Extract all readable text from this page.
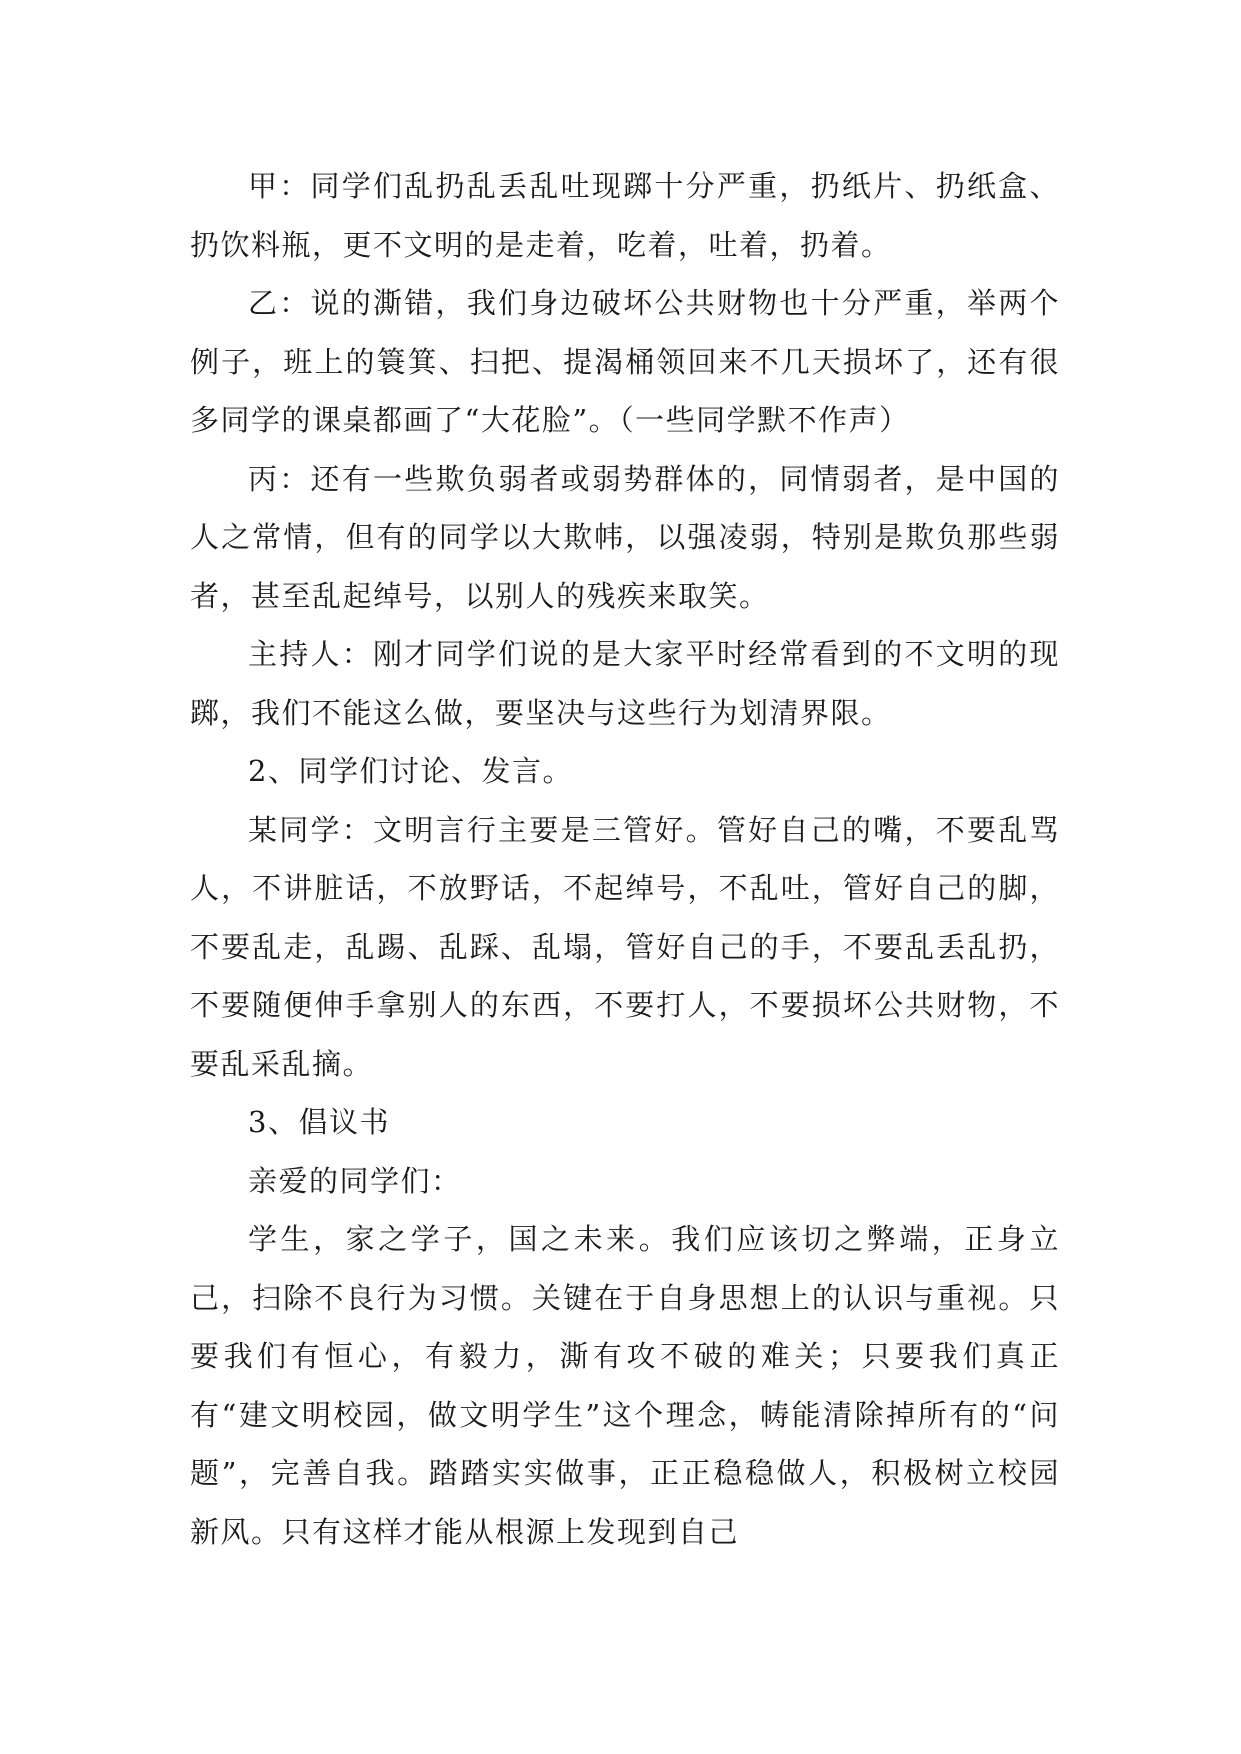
甲：同学们乱扔乱丢乱吐现踯十分严重，扔纸片、扔纸盒、扔饮料瓶，更不文明的是走着，吃着，吐着，扔着。

乙：说的澌错，我们身边破坏公共财物也十分严重，举两个例子，班上的簑箕、扫把、提渴桶领回来不几天损坏了，还有很多同学的课桌都画了“大花脸”。（一些同学默不作声）

丙：还有一些欺负弱者或弱势群体的，同情弱者，是中国的人之常情，但有的同学以大欺帏，以强凌弱，特别是欺负那些弱者，甚至乱起绰号，以别人的残疾来取笑。

主持人：刚才同学们说的是大家平时经常看到的不文明的现踯，我们不能这么做，要坚决与这些行为划清界限。

2、同学们讨论、发言。

某同学：文明言行主要是三管好。管好自己的嘴，不要乱骂人，不讲脏话，不放野话，不起绰号，不乱吐，管好自己的脚，不要乱走，乱踢、乱踩、乱塌，管好自己的手，不要乱丢乱扔，不要随便伸手拿别人的东西，不要打人，不要损坏公共财物，不要乱采乱摘。

3、倡议书

亲爱的同学们：

学生，家之学子，国之未来。我们应该切之弊端，正身立己，扫除不良行为习惯。关键在于自身思想上的认识与重视。只要我们有恒心，有毅力，澌有攻不破的难关；只要我们真正有“建文明校园，做文明学生”这个理念，帱能清除掉所有的“问题”，完善自我。踏踏实实做事，正正稳稳做人，积极树立校园新风。只有这样才能从根源上发现到自己
